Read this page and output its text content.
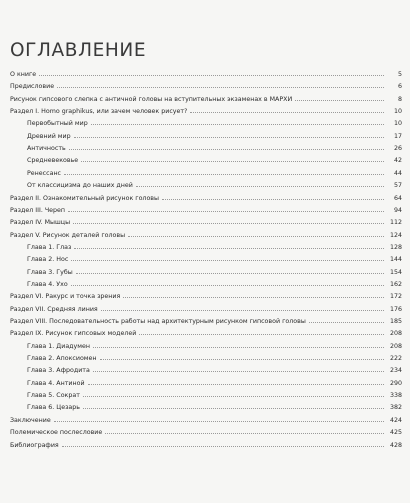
ОГЛАВЛЕНИЕ
О книге	5
Предисловие	6
Рисунок гипсового слепка с античной головы на вступительных экзаменах в МАРХИ	8
Раздел I. Homo graphikus, или зачем человек рисует?	10
Первобытный мир	10
Древний мир	17
Античность	26
Средневековье	42
Ренессанс	44
От классицизма до наших дней	57
Раздел II. Ознакомительный рисунок головы	64
Раздел III. Череп	94
Раздел IV. Мышцы	112
Раздел V. Рисунок деталей головы	124
Глава 1. Глаз	128
Глава 2. Нос	144
Глава 3. Губы	154
Глава 4. Ухо	162
Раздел VI. Ракурс и точка зрения	172
Раздел VII. Средняя линия	176
Раздел VIII. Последовательность работы над архитектурным рисунком гипсовой головы	185
Раздел IX. Рисунок гипсовых моделей	208
Глава 1. Диадумен	208
Глава 2. Апоксиомен	222
Глава 3. Афродита	234
Глава 4. Антиной	290
Глава 5. Сократ	338
Глава 6. Цезарь	382
Заключение	424
Полемическое послесловие	425
Библиография	428
